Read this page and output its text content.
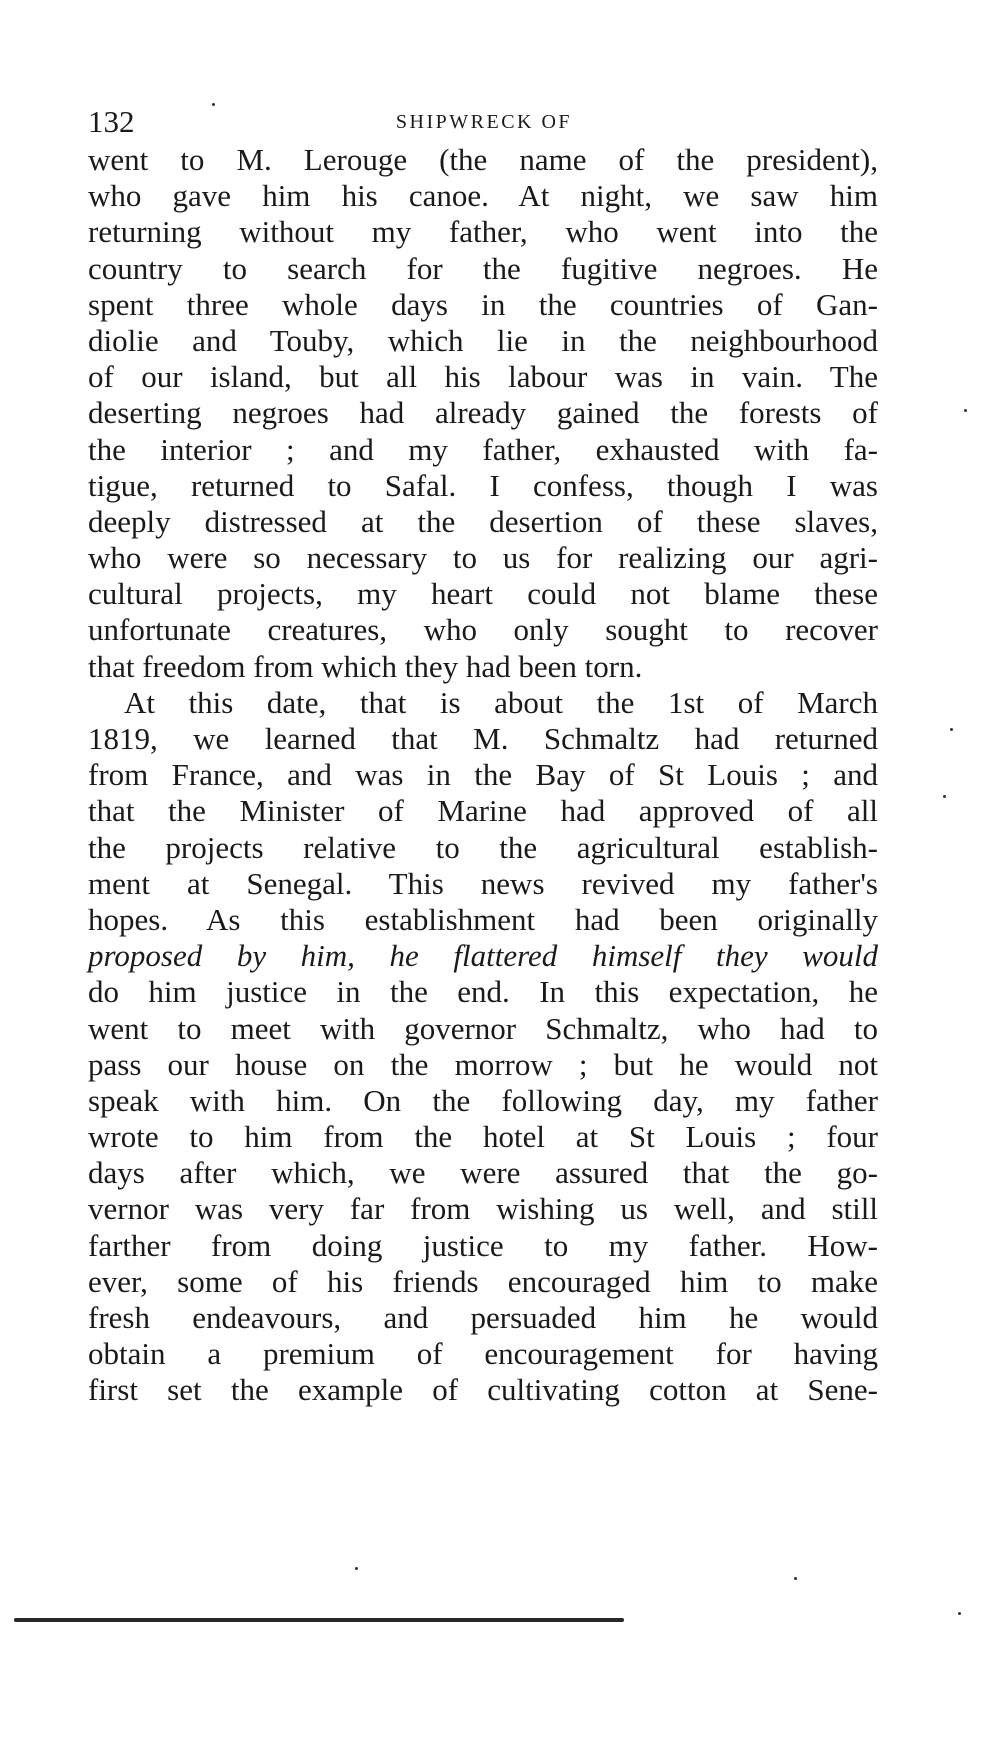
132	SHIPWRECK OF
went to M. Lerouge (the name of the president),
who gave him his canoe. At night, we saw him
returning without my father, who went into the
country to search for the fugitive negroes. He
spent three whole days in the countries of Gan-
diolie and Touby, which lie in the neighbourhood
of our island, but all his labour was in vain. The
deserting negroes had already gained the forests of
the interior ; and my father, exhausted with fa-
tigue, returned to Safal. I confess, though I was
deeply distressed at the desertion of these slaves,
who were so necessary to us for realizing our agri-
cultural projects, my heart could not blame these
unfortunate creatures, who only sought to recover
that freedom from which they had been torn.
At this date, that is about the 1st of March
1819, we learned that M. Schmaltz had returned
from France, and was in the Bay of St Louis ; and
that the Minister of Marine had approved of all
the projects relative to the agricultural establish-
ment at Senegal. This news revived my father's
hopes. As this establishment had been originally
proposed by him, he flattered himself they would
do him justice in the end. In this expectation, he
went to meet with governor Schmaltz, who had to
pass our house on the morrow ; but he would not
speak with him. On the following day, my father
wrote to him from the hotel at St Louis ; four
days after which, we were assured that the go-
vernor was very far from wishing us well, and still
farther from doing justice to my father. How-
ever, some of his friends encouraged him to make
fresh endeavours, and persuaded him he would
obtain a premium of encouragement for having
first set the example of cultivating cotton at Sene-
